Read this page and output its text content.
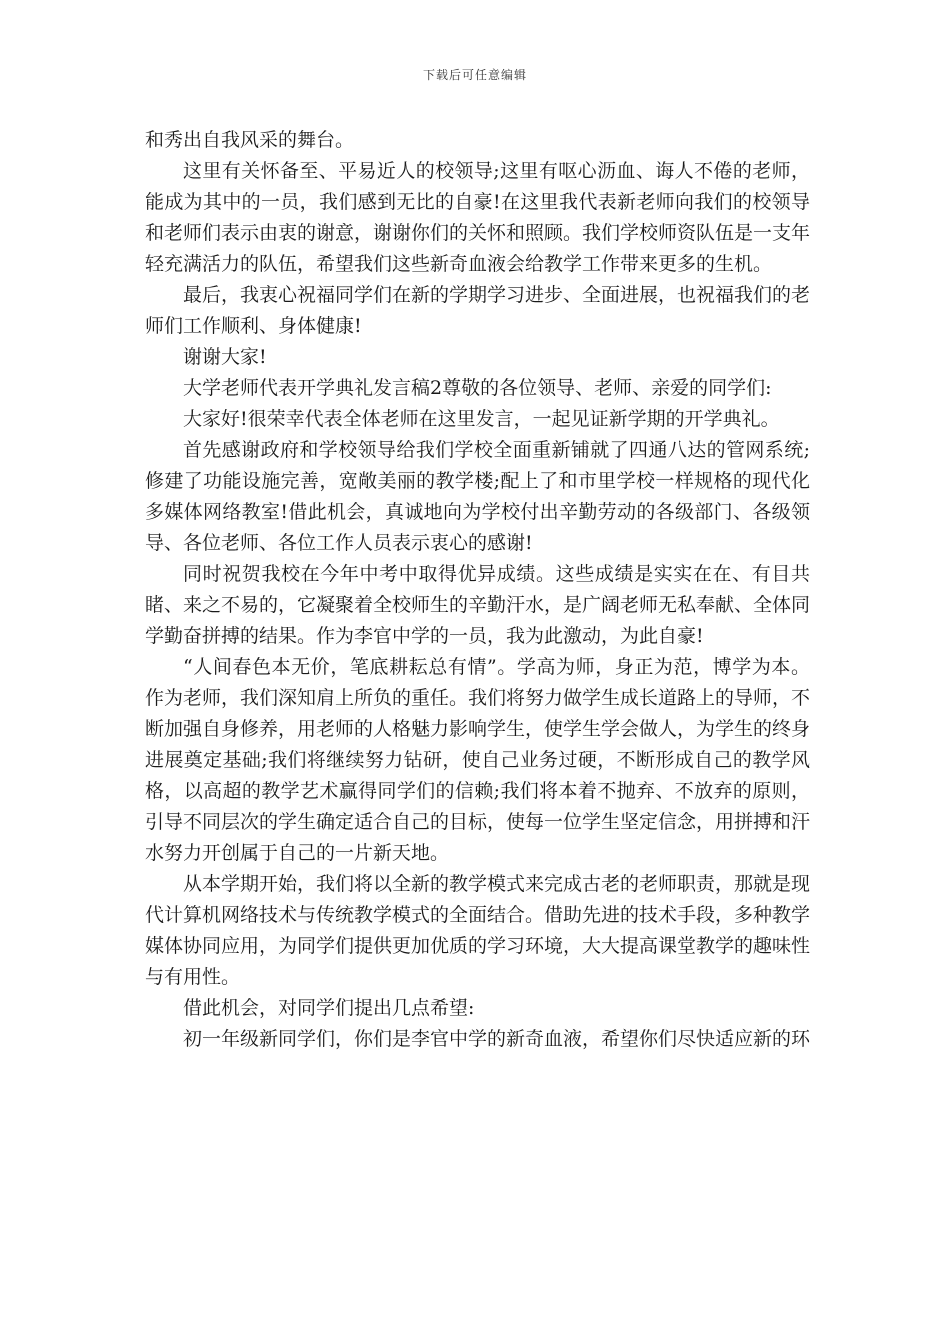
下载后可任意编辑

和秀出自我风采的舞台。

这里有关怀备至、平易近人的校领导;这里有呕心沥血、诲人不倦的老师，能成为其中的一员，我们感到无比的自豪!在这里我代表新老师向我们的校领导和老师们表示由衷的谢意，谢谢你们的关怀和照顾。我们学校师资队伍是一支年轻充满活力的队伍，希望我们这些新奇血液会给教学工作带来更多的生机。

最后，我衷心祝福同学们在新的学期学习进步、全面进展，也祝福我们的老师们工作顺利、身体健康!

谢谢大家!

大学老师代表开学典礼发言稿2尊敬的各位领导、老师、亲爱的同学们:

大家好!很荣幸代表全体老师在这里发言，一起见证新学期的开学典礼。

首先感谢政府和学校领导给我们学校全面重新铺就了四通八达的管网系统;修建了功能设施完善，宽敞美丽的教学楼;配上了和市里学校一样规格的现代化多媒体网络教室!借此机会，真诚地向为学校付出辛勤劳动的各级部门、各级领导、各位老师、各位工作人员表示衷心的感谢!

同时祝贺我校在今年中考中取得优异成绩。这些成绩是实实在在、有目共睹、来之不易的，它凝聚着全校师生的辛勤汗水，是广阔老师无私奉献、全体同学勤奋拼搏的结果。作为李官中学的一员，我为此激动，为此自豪!

“人间春色本无价，笔底耕耘总有情”。学高为师，身正为范，博学为本。作为老师，我们深知肩上所负的重任。我们将努力做学生成长道路上的导师，不断加强自身修养，用老师的人格魅力影响学生，使学生学会做人，为学生的终身进展奠定基础;我们将继续努力钻研，使自己业务过硬，不断形成自己的教学风格，以高超的教学艺术赢得同学们的信赖;我们将本着不抛弃、不放弃的原则，引导不同层次的学生确定适合自己的目标，使每一位学生坚定信念，用拼搏和汗水努力开创属于自己的一片新天地。

从本学期开始，我们将以全新的教学模式来完成古老的老师职责，那就是现代计算机网络技术与传统教学模式的全面结合。借助先进的技术手段，多种教学媒体协同应用，为同学们提供更加优质的学习环境，大大提高课堂教学的趣味性与有用性。

借此机会，对同学们提出几点希望:

初一年级新同学们，你们是李官中学的新奇血液，希望你们尽快适应新的环
